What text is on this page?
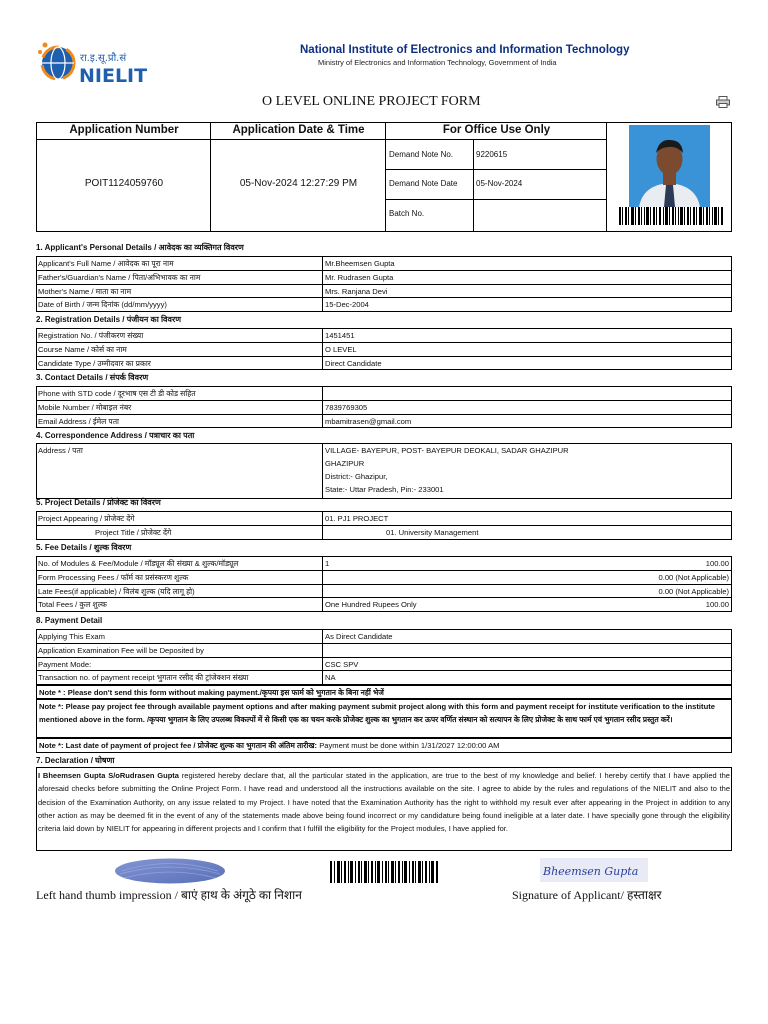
रा.इ.सू.प्रौ.सं
NIELIT
National Institute of Electronics and Information Technology
Ministry of Electronics and Information Technology, Government of India
O LEVEL ONLINE PROJECT FORM
Application Number	Application Date & Time	For Office Use Only
POIT1124059760	05-Nov-2024 12:27:29 PM
Demand Note No.	9220615
Demand Note Date 05-Nov-2024
Batch No.
1. Applicant's Personal Details / आवेदक का व्यक्तिगत विवरण
Applicant's Full Name / आवेदक का पूरा नाम	Mr.Bheemsen Gupta
Father's/Guardian's Name / पिता/अभिभावक का नाम	Mr. Rudrasen Gupta
Mother's Name / माता का नाम	Mrs. Ranjana Devi
Date of Birth / जन्म दिनांक (dd/mm/yyyy)	15-Dec-2004
2. Registration Details / पंजीयन का विवरण
Registration No. / पंजीकरण संख्या	1451451
Course Name / कोर्स का नाम	O LEVEL
Candidate Type / उम्मीदवार का प्रकार	Direct Candidate
3. Contact Details / संपर्क विवरण
Phone with STD code / दूरभाष एस टी डी कोड सहित
Mobile Number / मोबाइल नंबर	7839769305
Email Address / ईमेल पता	mbamitrasen@gmail.com
4. Correspondence Address / पत्राचार का पता
Address / पता	VILLAGE- BAYEPUR, POST- BAYEPUR DEOKALI, SADAR GHAZIPUR
GHAZIPUR
District:- Ghazipur,
State:- Uttar Pradesh, Pin:- 233001
5. Project Details / प्रोजेक्ट का विवरण
Project Appearing / प्रोजेक्ट देंगे	01. PJ1 PROJECT
Project Title / प्रोजेक्ट देंगे	01. University Management
5. Fee Details / शुल्क विवरण
No. of Modules & Fee/Module / मॉड्यूल की संख्या & शुल्क/मॉड्यूल	1	100.00
Form Processing Fees / फॉर्म का प्रसंस्करण शुल्क	0.00 (Not Applicable)
Late Fees(if applicable) / विलंब शुल्क (यदि लागू हो)	0.00 (Not Applicable)
Total Fees / कुल शुल्क	One Hundred Rupees Only	100.00
8. Payment Detail
Applying This Exam	As Direct Candidate
Application Examination Fee will be Deposited by
Payment Mode:	CSC SPV
Transaction no. of payment receipt भुगतान रसीद की ट्रांजेक्शन संख्या	NA
Note * : Please don't send this form without making payment./कृपया इस फार्म को भुगतान के बिना नहीं भेजें
Note *: Please pay project fee through available payment options and after making payment submit project along with this form and payment receipt for institute verification to the institute mentioned above in the form. /कृपया भुगतान के लिए उपलब्ध विकल्पों में से किसी एक का चयन करके प्रोजेक्ट शुल्क का भुगतान कर ऊपर वर्णित संस्थान को सत्यापन के लिए प्रोजेक्ट के साथ फार्म एवं भुगतान रसीद प्रस्तुत करें।
Note *: Last date of payment of project fee / प्रोजेक्ट शुल्क का भुगतान की अंतिम तारीख: Payment must be done within 1/31/2027 12:00:00 AM
7. Declaration / घोषणा
I Bheemsen Gupta S/oRudrasen Gupta registered hereby declare that, all the particular stated in the application, are true to the best of my knowledge and belief. I hereby certify that I have applied the aforesaid checks before submitting the Online Project Form. I have read and understood all the instructions available on the site. I agree to abide by the rules and regulations of the NIELIT and also to the decision of the Examination Authority, on any issue related to my Project. I have noted that the Examination Authority has the right to withhold my result ever after appearing in the Project in addition to any other action as may be deemed fit in the event of any of the statements made above being found incorrect or my candidature being found ineligible at a later date. I have specially gone through the eligibility criteria laid down by NIELIT for appearing in different projects and I confirm that I fulfill the eligibility for the Project modules, I have applied for.
Bheemsen Gupta
Left hand thumb impression / बाएं हाथ के अंगूठे का निशान	Signature of Applicant/ हस्ताक्षर
